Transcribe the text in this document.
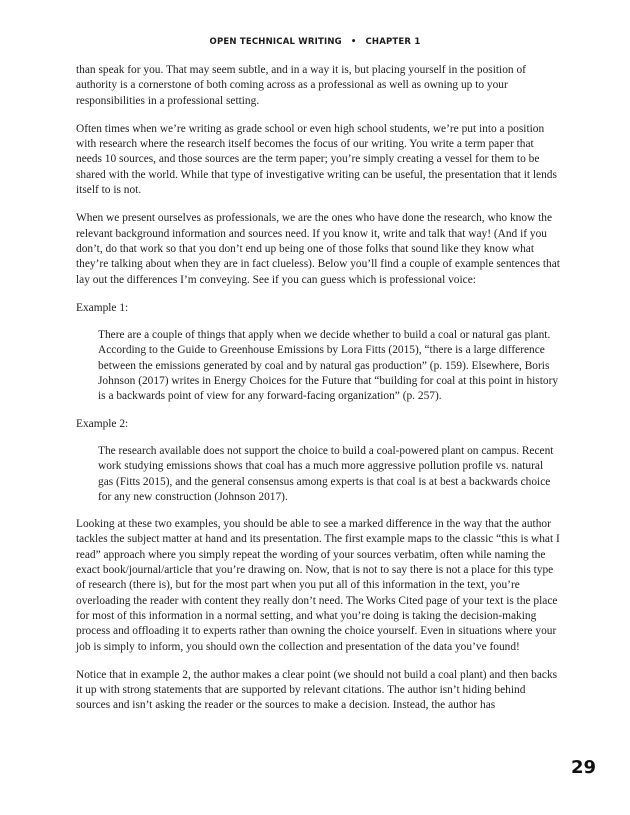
OPEN TECHNICAL WRITING • CHAPTER 1

than speak for you. That may seem subtle, and in a way it is, but placing yourself in the position of authority is a cornerstone of both coming across as a professional as well as owning up to your responsibilities in a professional setting.

Often times when we’re writing as grade school or even high school students, we’re put into a position with research where the research itself becomes the focus of our writing. You write a term paper that needs 10 sources, and those sources are the term paper; you’re simply creating a vessel for them to be shared with the world. While that type of investigative writing can be useful, the presentation that it lends itself to is not.

When we present ourselves as professionals, we are the ones who have done the research, who know the relevant background information and sources need. If you know it, write and talk that way! (And if you don’t, do that work so that you don’t end up being one of those folks that sound like they know what they’re talking about when they are in fact clueless). Below you’ll find a couple of example sentences that lay out the differences I’m conveying. See if you can guess which is professional voice:

Example 1:

There are a couple of things that apply when we decide whether to build a coal or natural gas plant. According to the Guide to Greenhouse Emissions by Lora Fitts (2015), “there is a large difference between the emissions generated by coal and by natural gas production” (p. 159). Elsewhere, Boris Johnson (2017) writes in Energy Choices for the Future that “building for coal at this point in history is a backwards point of view for any forward-facing organization” (p. 257).

Example 2:

The research available does not support the choice to build a coal-powered plant on campus. Recent work studying emissions shows that coal has a much more aggressive pollution profile vs. natural gas (Fitts 2015), and the general consensus among experts is that coal is at best a backwards choice for any new construction (Johnson 2017).

Looking at these two examples, you should be able to see a marked difference in the way that the author tackles the subject matter at hand and its presentation. The first example maps to the classic “this is what I read” approach where you simply repeat the wording of your sources verbatim, often while naming the exact book/journal/article that you’re drawing on. Now, that is not to say there is not a place for this type of research (there is), but for the most part when you put all of this information in the text, you’re overloading the reader with content they really don’t need. The Works Cited page of your text is the place for most of this information in a normal setting, and what you’re doing is taking the decision-making process and offloading it to experts rather than owning the choice yourself. Even in situations where your job is simply to inform, you should own the collection and presentation of the data you’ve found!

Notice that in example 2, the author makes a clear point (we should not build a coal plant) and then backs it up with strong statements that are supported by relevant citations. The author isn’t hiding behind sources and isn’t asking the reader or the sources to make a decision. Instead, the author has

29
